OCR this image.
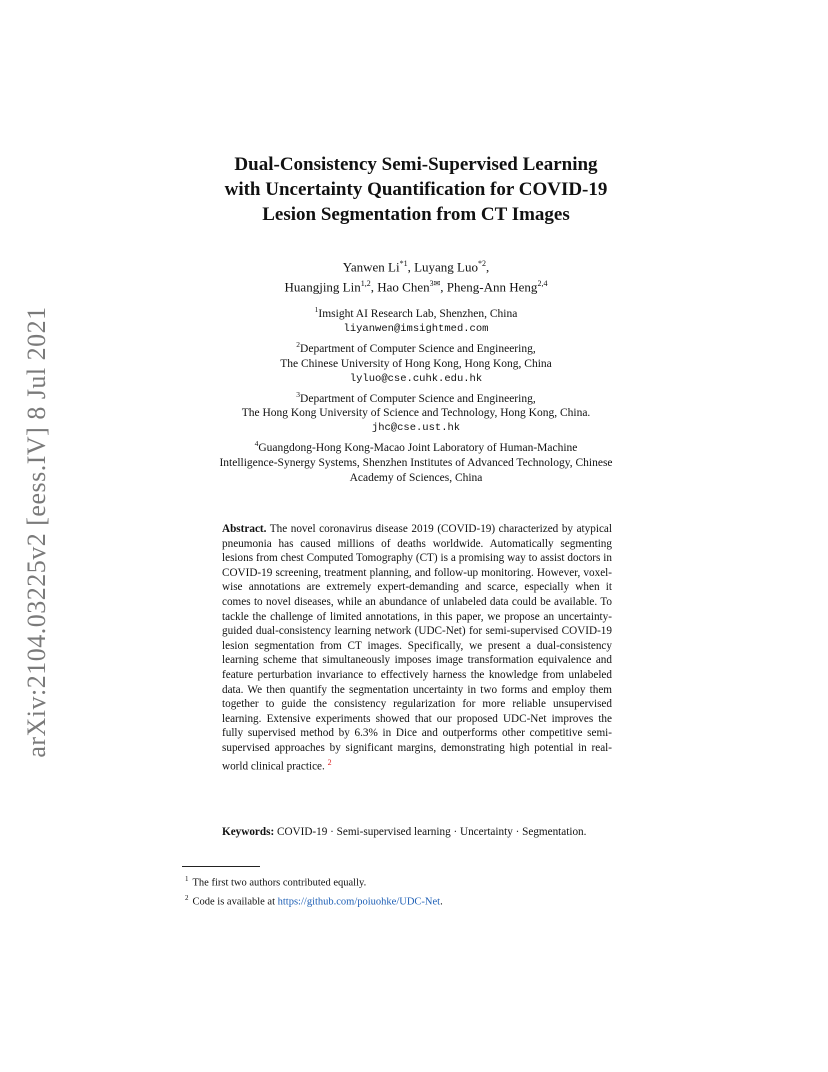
arXiv:2104.03225v2 [eess.IV] 8 Jul 2021
Dual-Consistency Semi-Supervised Learning
with Uncertainty Quantification for COVID-19
Lesion Segmentation from CT Images
Yanwen Li$^{*1}$, Luyang Luo$^{*2}$,
Huangjing Lin$^{1,2}$, Hao Chen$^{3✉}$, Pheng-Ann Heng$^{2,4}$
$^1$Imsight AI Research Lab, Shenzhen, China
liyanwen@imsightmed.com
$^2$Department of Computer Science and Engineering,
The Chinese University of Hong Kong, Hong Kong, China
lyluo@cse.cuhk.edu.hk
$^3$Department of Computer Science and Engineering,
The Hong Kong University of Science and Technology, Hong Kong, China.
jhc@cse.ust.hk
$^4$Guangdong-Hong Kong-Macao Joint Laboratory of Human-Machine
Intelligence-Synergy Systems, Shenzhen Institutes of Advanced Technology, Chinese
Academy of Sciences, China
Abstract. The novel coronavirus disease 2019 (COVID-19) characterized by atypical pneumonia has caused millions of deaths worldwide. Automatically segmenting lesions from chest Computed Tomography (CT) is a promising way to assist doctors in COVID-19 screening, treatment planning, and follow-up monitoring. However, voxel-wise annotations are extremely expert-demanding and scarce, especially when it comes to novel diseases, while an abundance of unlabeled data could be available. To tackle the challenge of limited annotations, in this paper, we propose an uncertainty-guided dual-consistency learning network (UDC-Net) for semi-supervised COVID-19 lesion segmentation from CT images. Specifically, we present a dual-consistency learning scheme that simultaneously imposes image transformation equivalence and feature perturbation invariance to effectively harness the knowledge from unlabeled data. We then quantify the segmentation uncertainty in two forms and employ them together to guide the consistency regularization for more reliable unsupervised learning. Extensive experiments showed that our proposed UDC-Net improves the fully supervised method by 6.3% in Dice and outperforms other competitive semi-supervised approaches by significant margins, demonstrating high potential in real-world clinical practice. $^2$
Keywords: COVID-19 · Semi-supervised learning · Uncertainty · Segmentation.
$^1$ The first two authors contributed equally.
$^2$ Code is available at https://github.com/poiuohke/UDC-Net.
